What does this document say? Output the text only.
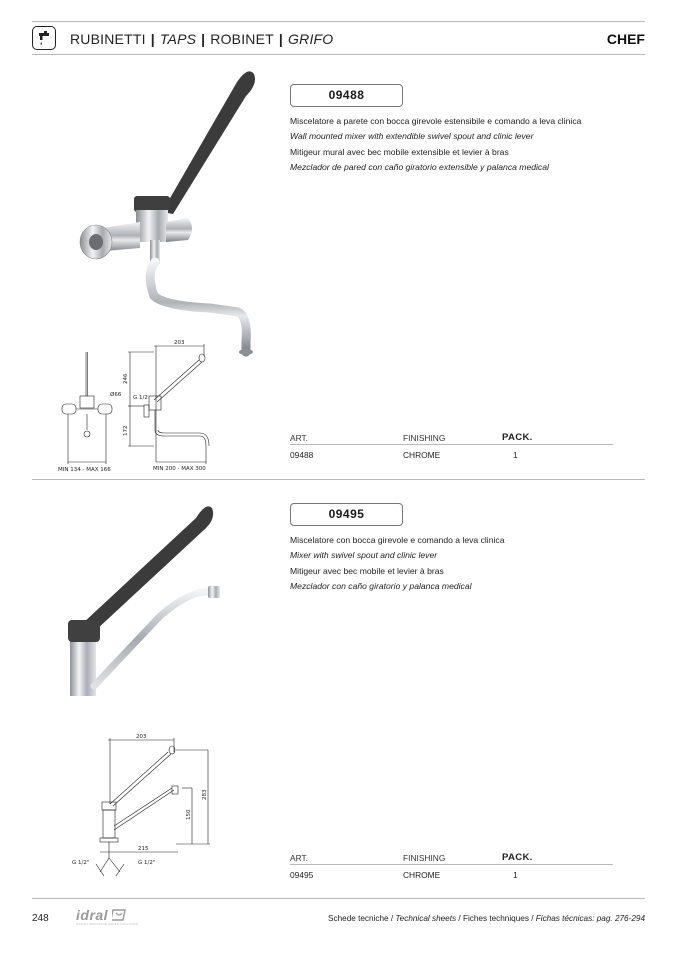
RUBINETTI | TAPS | ROBINET | GRIFO	CHEF
09488
Miscelatore a parete con bocca girevole estensibile e comando a leva clinica
Wall mounted mixer with extendible swivel spout and clinic lever
Mitigeur mural avec bec mobile extensible et levier à bras
Mezclador de pared con caño giratorio extensible y palanca medical
203
246
172
Ø66 G 1/2
MIN 134 - MAX 166	MIN 200 - MAX 300
ART.	FINISHING	PACK.
09488	CHROME	1
09495
Miscelatore con bocca girevole e comando a leva clinica
Mixer with swivel spout and clinic lever
Mitigeur avec bec mobile et levier à bras
Mezclador con caño giratorio y palanca medical
203
283
150
215
G 1/2"	G 1/2"	ART.	FINISHING	PACK.
09495	CHROME	1
248 idral
ITALIAN INNOVATIVE WATER SOLUTIONS
Schede tecniche / Technical sheets / Fiches techniques / Fichas técnicas: pag. 276-294
